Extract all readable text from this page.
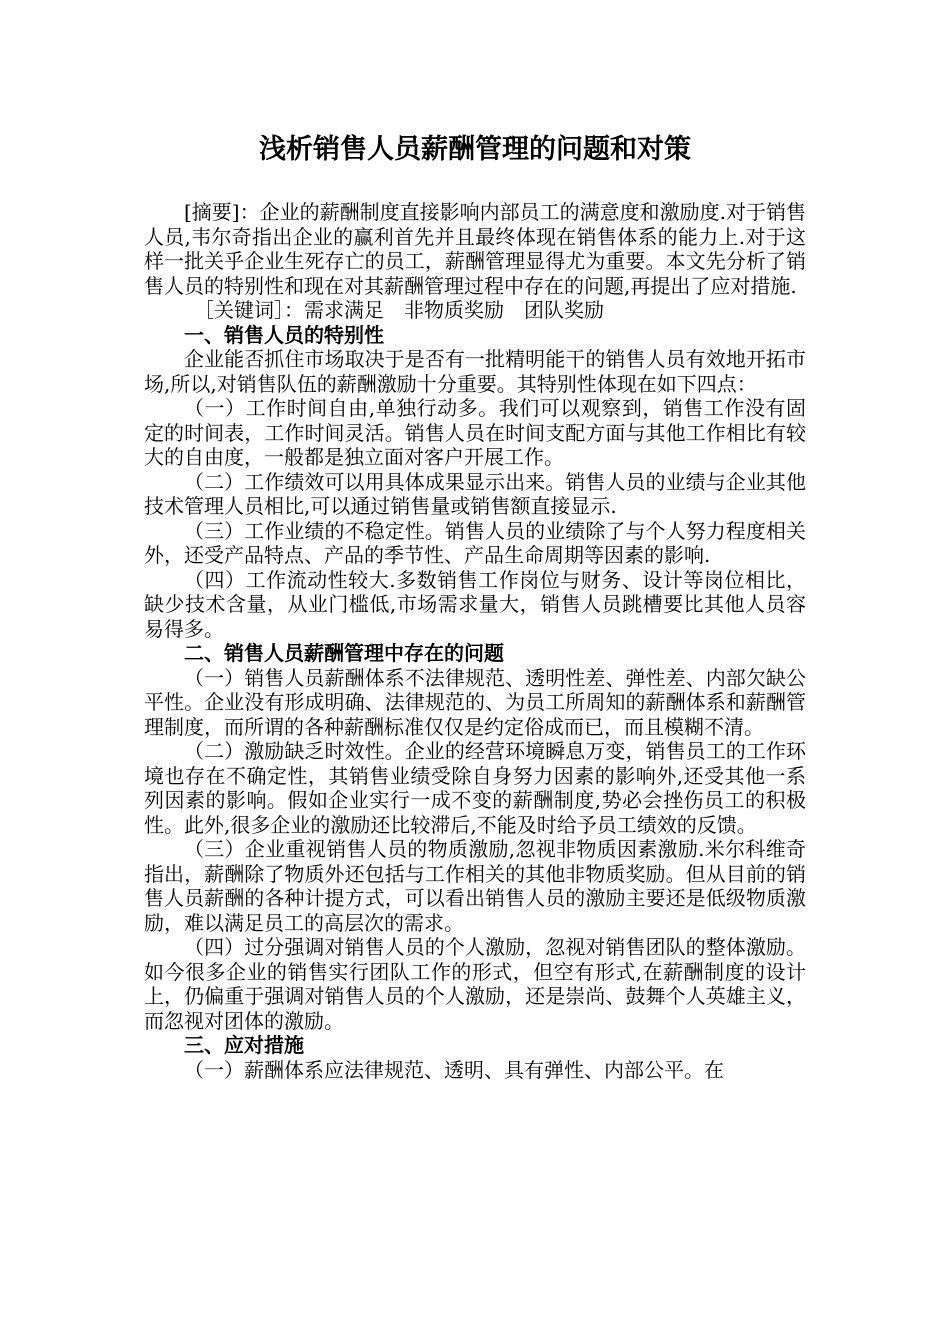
浅析销售人员薪酬管理的问题和对策

[摘要]：企业的薪酬制度直接影响内部员工的满意度和激励度.对于销售人员,韦尔奇指出企业的赢利首先并且最终体现在销售体系的能力上.对于这样一批关乎企业生死存亡的员工，薪酬管理显得尤为重要。本文先分析了销售人员的特别性和现在对其薪酬管理过程中存在的问题,再提出了应对措施.

［关键词］：需求满足　非物质奖励　团队奖励

一、销售人员的特别性

企业能否抓住市场取决于是否有一批精明能干的销售人员有效地开拓市场,所以,对销售队伍的薪酬激励十分重要。其特别性体现在如下四点：

（一）工作时间自由,单独行动多。我们可以观察到，销售工作没有固定的时间表，工作时间灵活。销售人员在时间支配方面与其他工作相比有较大的自由度，一般都是独立面对客户开展工作。

（二）工作绩效可以用具体成果显示出来。销售人员的业绩与企业其他技术管理人员相比,可以通过销售量或销售额直接显示.

（三）工作业绩的不稳定性。销售人员的业绩除了与个人努力程度相关外，还受产品特点、产品的季节性、产品生命周期等因素的影响.

（四）工作流动性较大.多数销售工作岗位与财务、设计等岗位相比，缺少技术含量，从业门槛低,市场需求量大，销售人员跳槽要比其他人员容易得多。

二、销售人员薪酬管理中存在的问题

（一）销售人员薪酬体系不法律规范、透明性差、弹性差、内部欠缺公平性。企业没有形成明确、法律规范的、为员工所周知的薪酬体系和薪酬管理制度，而所谓的各种薪酬标准仅仅是约定俗成而已，而且模糊不清。

（二）激励缺乏时效性。企业的经营环境瞬息万变，销售员工的工作环境也存在不确定性，其销售业绩受除自身努力因素的影响外,还受其他一系列因素的影响。假如企业实行一成不变的薪酬制度,势必会挫伤员工的积极性。此外,很多企业的激励还比较滞后,不能及时给予员工绩效的反馈。

（三）企业重视销售人员的物质激励,忽视非物质因素激励.米尔科维奇指出，薪酬除了物质外还包括与工作相关的其他非物质奖励。但从目前的销售人员薪酬的各种计提方式，可以看出销售人员的激励主要还是低级物质激励，难以满足员工的高层次的需求。

（四）过分强调对销售人员的个人激励，忽视对销售团队的整体激励。如今很多企业的销售实行团队工作的形式，但空有形式,在薪酬制度的设计上，仍偏重于强调对销售人员的个人激励，还是崇尚、鼓舞个人英雄主义，而忽视对团体的激励。

三、应对措施

（一）薪酬体系应法律规范、透明、具有弹性、内部公平。在
